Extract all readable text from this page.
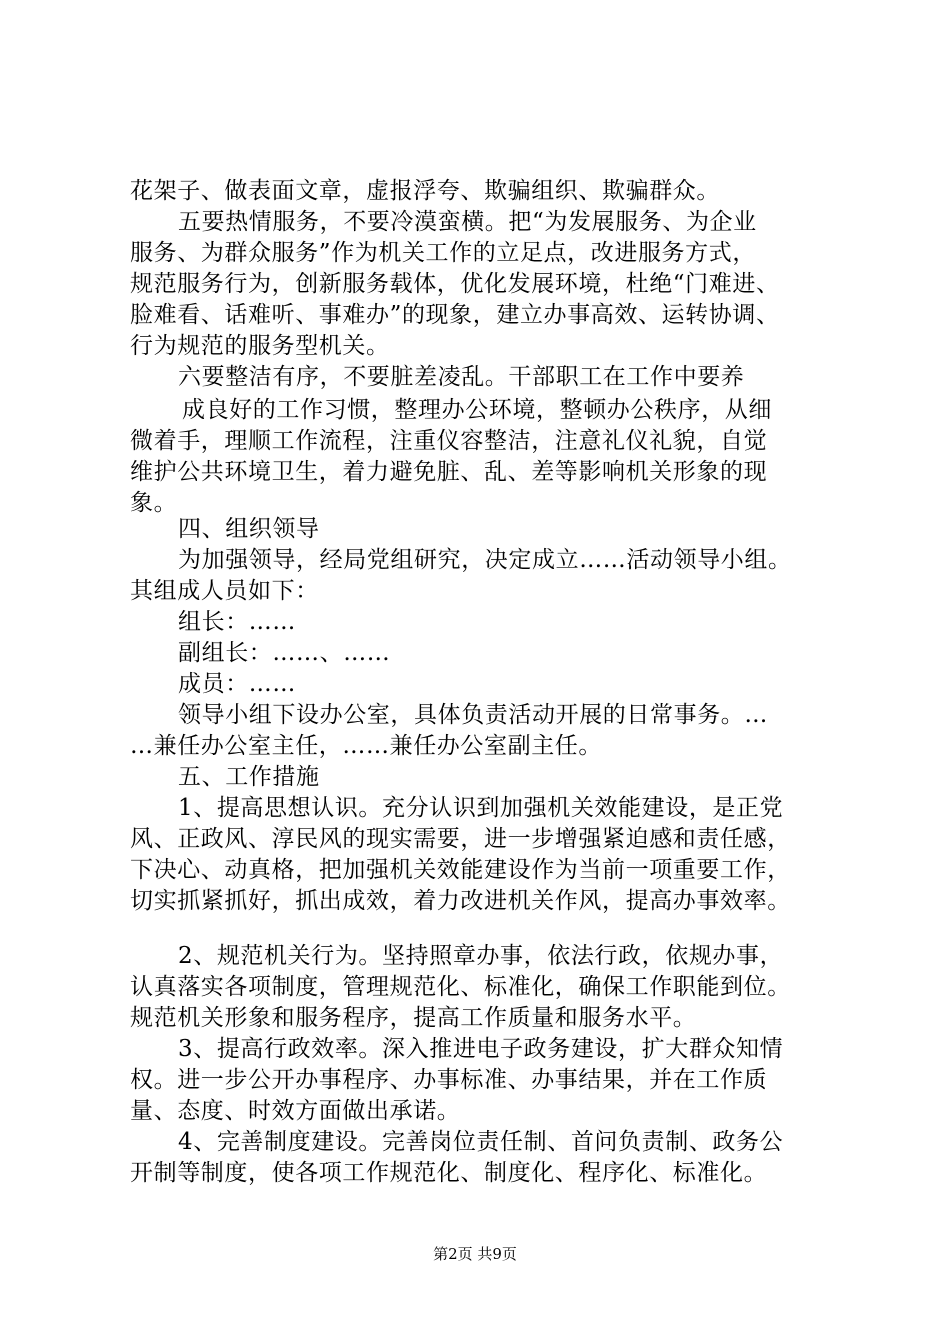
花架子、做表面文章，虚报浮夸、欺骗组织、欺骗群众。
五要热情服务，不要冷漠蛮横。把“为发展服务、为企业
服务、为群众服务”作为机关工作的立足点，改进服务方式，
规范服务行为，创新服务载体，优化发展环境，杜绝“门难进、
脸难看、话难听、事难办”的现象，建立办事高效、运转协调、
行为规范的服务型机关。
六要整洁有序，不要脏差凌乱。干部职工在工作中要养
成良好的工作习惯，整理办公环境，整顿办公秩序，从细
微着手，理顺工作流程，注重仪容整洁，注意礼仪礼貌，自觉
维护公共环境卫生，着力避免脏、乱、差等影响机关形象的现
象。
四、组织领导
为加强领导，经局党组研究，决定成立……活动领导小组。
其组成人员如下：
组长：……
副组长：……、……
成员：……
领导小组下设办公室，具体负责活动开展的日常事务。…
…兼任办公室主任，……兼任办公室副主任。
五、工作措施
1、提高思想认识。充分认识到加强机关效能建设，是正党
风、正政风、淳民风的现实需要，进一步增强紧迫感和责任感，
下决心、动真格，把加强机关效能建设作为当前一项重要工作，
切实抓紧抓好，抓出成效，着力改进机关作风，提高办事效率。
2、规范机关行为。坚持照章办事，依法行政，依规办事，
认真落实各项制度，管理规范化、标准化，确保工作职能到位。
规范机关形象和服务程序，提高工作质量和服务水平。
3、提高行政效率。深入推进电子政务建设，扩大群众知情
权。进一步公开办事程序、办事标准、办事结果，并在工作质
量、态度、时效方面做出承诺。
4、完善制度建设。完善岗位责任制、首问负责制、政务公
开制等制度，使各项工作规范化、制度化、程序化、标准化。
第2页 共9页
